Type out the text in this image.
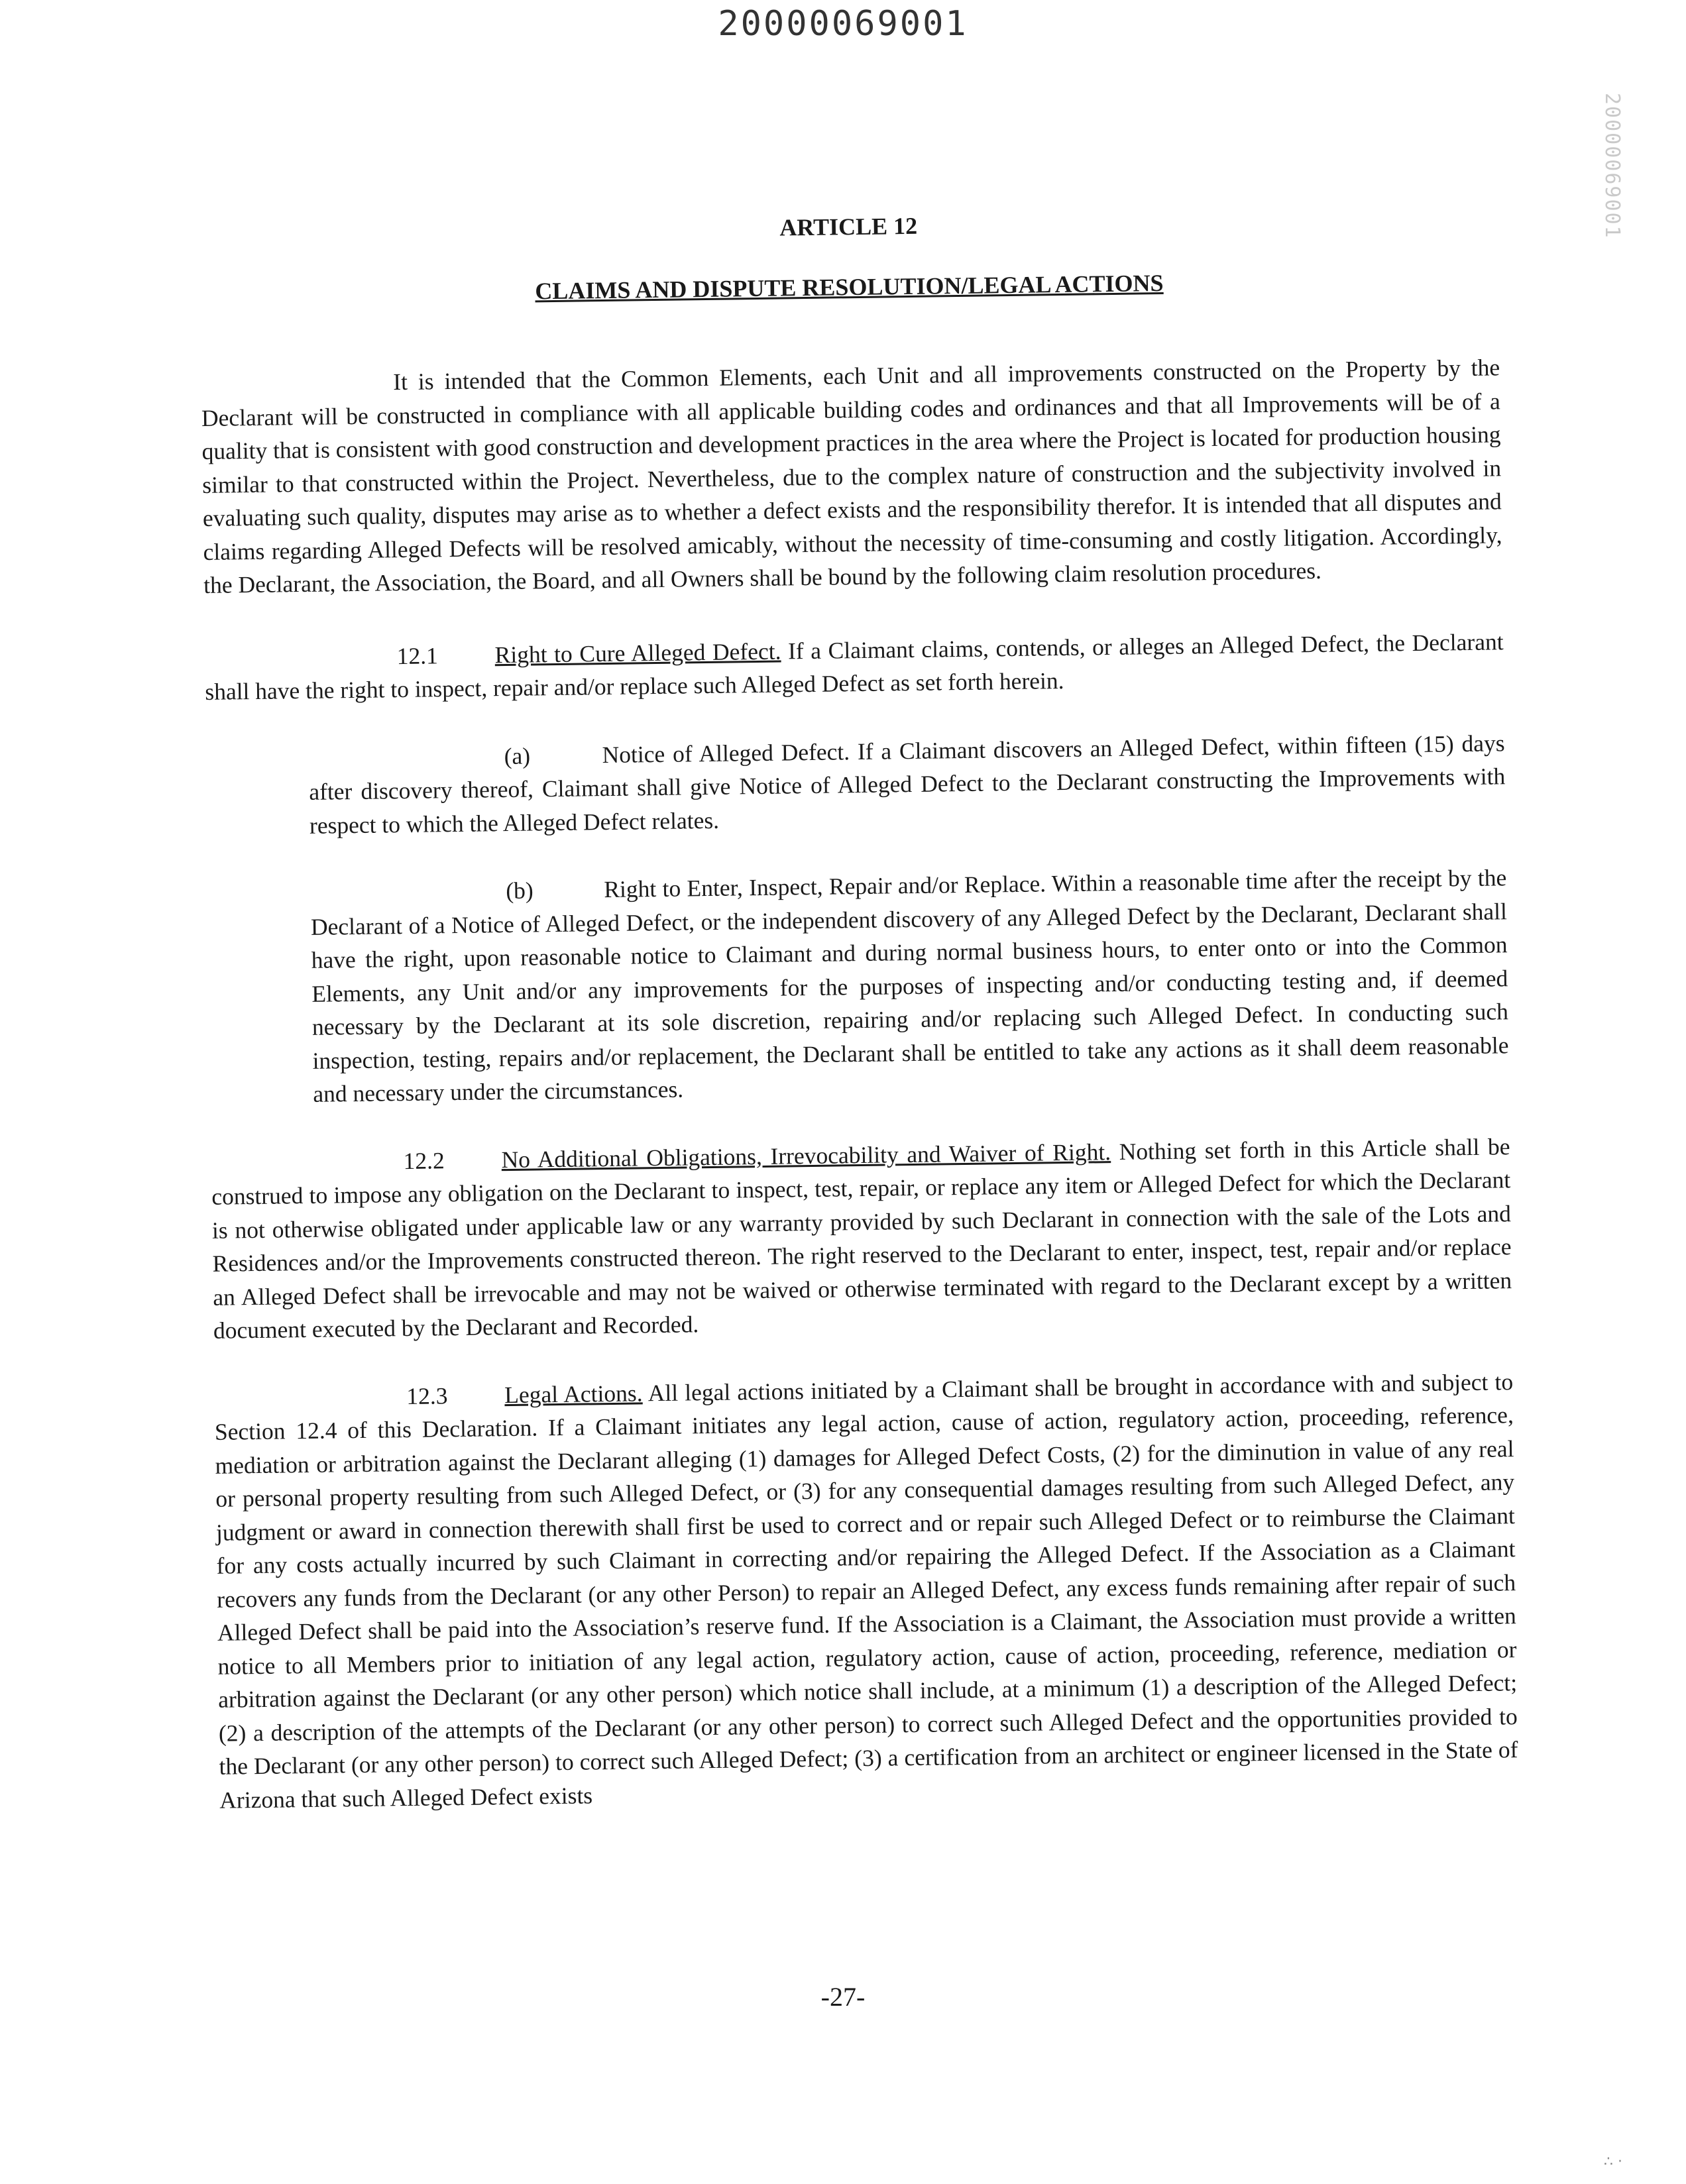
20000069001
20000069001
ARTICLE 12
CLAIMS AND DISPUTE RESOLUTION/LEGAL ACTIONS

It is intended that the Common Elements, each Unit and all improvements constructed on the Property by the Declarant will be constructed in compliance with all applicable building codes and ordinances and that all Improvements will be of a quality that is consistent with good construction and development practices in the area where the Project is located for production housing similar to that constructed within the Project. Nevertheless, due to the complex nature of construction and the subjectivity involved in evaluating such quality, disputes may arise as to whether a defect exists and the responsibility therefor. It is intended that all disputes and claims regarding Alleged Defects will be resolved amicably, without the necessity of time-consuming and costly litigation. Accordingly, the Declarant, the Association, the Board, and all Owners shall be bound by the following claim resolution procedures.

12.1 Right to Cure Alleged Defect. If a Claimant claims, contends, or alleges an Alleged Defect, the Declarant shall have the right to inspect, repair and/or replace such Alleged Defect as set forth herein.

(a)	Notice of Alleged Defect. If a Claimant discovers an Alleged Defect, within fifteen (15) days after discovery thereof, Claimant shall give Notice of Alleged Defect to the Declarant constructing the Improvements with respect to which the Alleged Defect relates.

(b)	Right to Enter, Inspect, Repair and/or Replace. Within a reasonable time after the receipt by the Declarant of a Notice of Alleged Defect, or the independent discovery of any Alleged Defect by the Declarant, Declarant shall have the right, upon reasonable notice to Claimant and during normal business hours, to enter onto or into the Common Elements, any Unit and/or any improvements for the purposes of inspecting and/or conducting testing and, if deemed necessary by the Declarant at its sole discretion, repairing and/or replacing such Alleged Defect. In conducting such inspection, testing, repairs and/or replacement, the Declarant shall be entitled to take any actions as it shall deem reasonable and necessary under the circumstances.

12.2 No Additional Obligations, Irrevocability and Waiver of Right. Nothing set forth in this Article shall be construed to impose any obligation on the Declarant to inspect, test, repair, or replace any item or Alleged Defect for which the Declarant is not otherwise obligated under applicable law or any warranty provided by such Declarant in connection with the sale of the Lots and Residences and/or the Improvements constructed thereon. The right reserved to the Declarant to enter, inspect, test, repair and/or replace an Alleged Defect shall be irrevocable and may not be waived or otherwise terminated with regard to the Declarant except by a written document executed by the Declarant and Recorded.

12.3 Legal Actions. All legal actions initiated by a Claimant shall be brought in accordance with and subject to Section 12.4 of this Declaration. If a Claimant initiates any legal action, cause of action, regulatory action, proceeding, reference, mediation or arbitration against the Declarant alleging (1) damages for Alleged Defect Costs, (2) for the diminution in value of any real or personal property resulting from such Alleged Defect, or (3) for any consequential damages resulting from such Alleged Defect, any judgment or award in connection therewith shall first be used to correct and or repair such Alleged Defect or to reimburse the Claimant for any costs actually incurred by such Claimant in correcting and/or repairing the Alleged Defect. If the Association as a Claimant recovers any funds from the Declarant (or any other Person) to repair an Alleged Defect, any excess funds remaining after repair of such Alleged Defect shall be paid into the Association’s reserve fund. If the Association is a Claimant, the Association must provide a written notice to all Members prior to initiation of any legal action, regulatory action, cause of action, proceeding, reference, mediation or arbitration against the Declarant (or any other person) which notice shall include, at a minimum (1) a description of the Alleged Defect; (2) a description of the attempts of the Declarant (or any other person) to correct such Alleged Defect and the opportunities provided to the Declarant (or any other person) to correct such Alleged Defect; (3) a certification from an architect or engineer licensed in the State of Arizona that such Alleged Defect exists

-27-
∴ ·
